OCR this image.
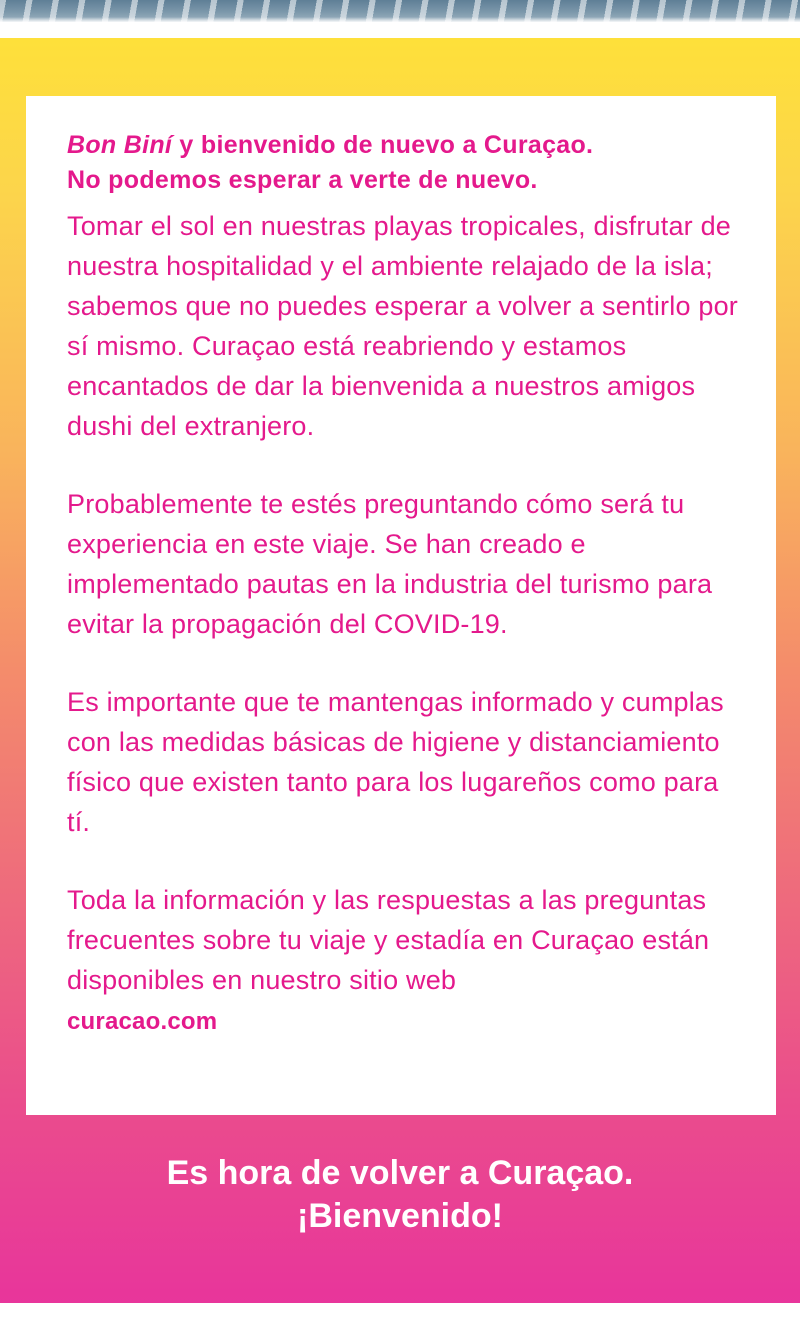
Bon Biní y bienvenido de nuevo a Curaçao.
No podemos esperar a verte de nuevo.

Tomar el sol en nuestras playas tropicales, disfrutar de nuestra hospitalidad y el ambiente relajado de la isla; sabemos que no puedes esperar a volver a sentirlo por sí mismo. Curaçao está reabriendo y estamos encantados de dar la bienvenida a nuestros amigos dushi del extranjero.

Probablemente te estés preguntando cómo será tu experiencia en este viaje. Se han creado e implementado pautas en la industria del turismo para evitar la propagación del COVID-19.

Es importante que te mantengas informado y cumplas con las medidas básicas de higiene y distanciamiento físico que existen tanto para los lugareños como para tí.

Toda la información y las respuestas a las preguntas frecuentes sobre tu viaje y estadía en Curaçao están disponibles en nuestro sitio web
curacao.com

Es hora de volver a Curaçao.
¡Bienvenido!
